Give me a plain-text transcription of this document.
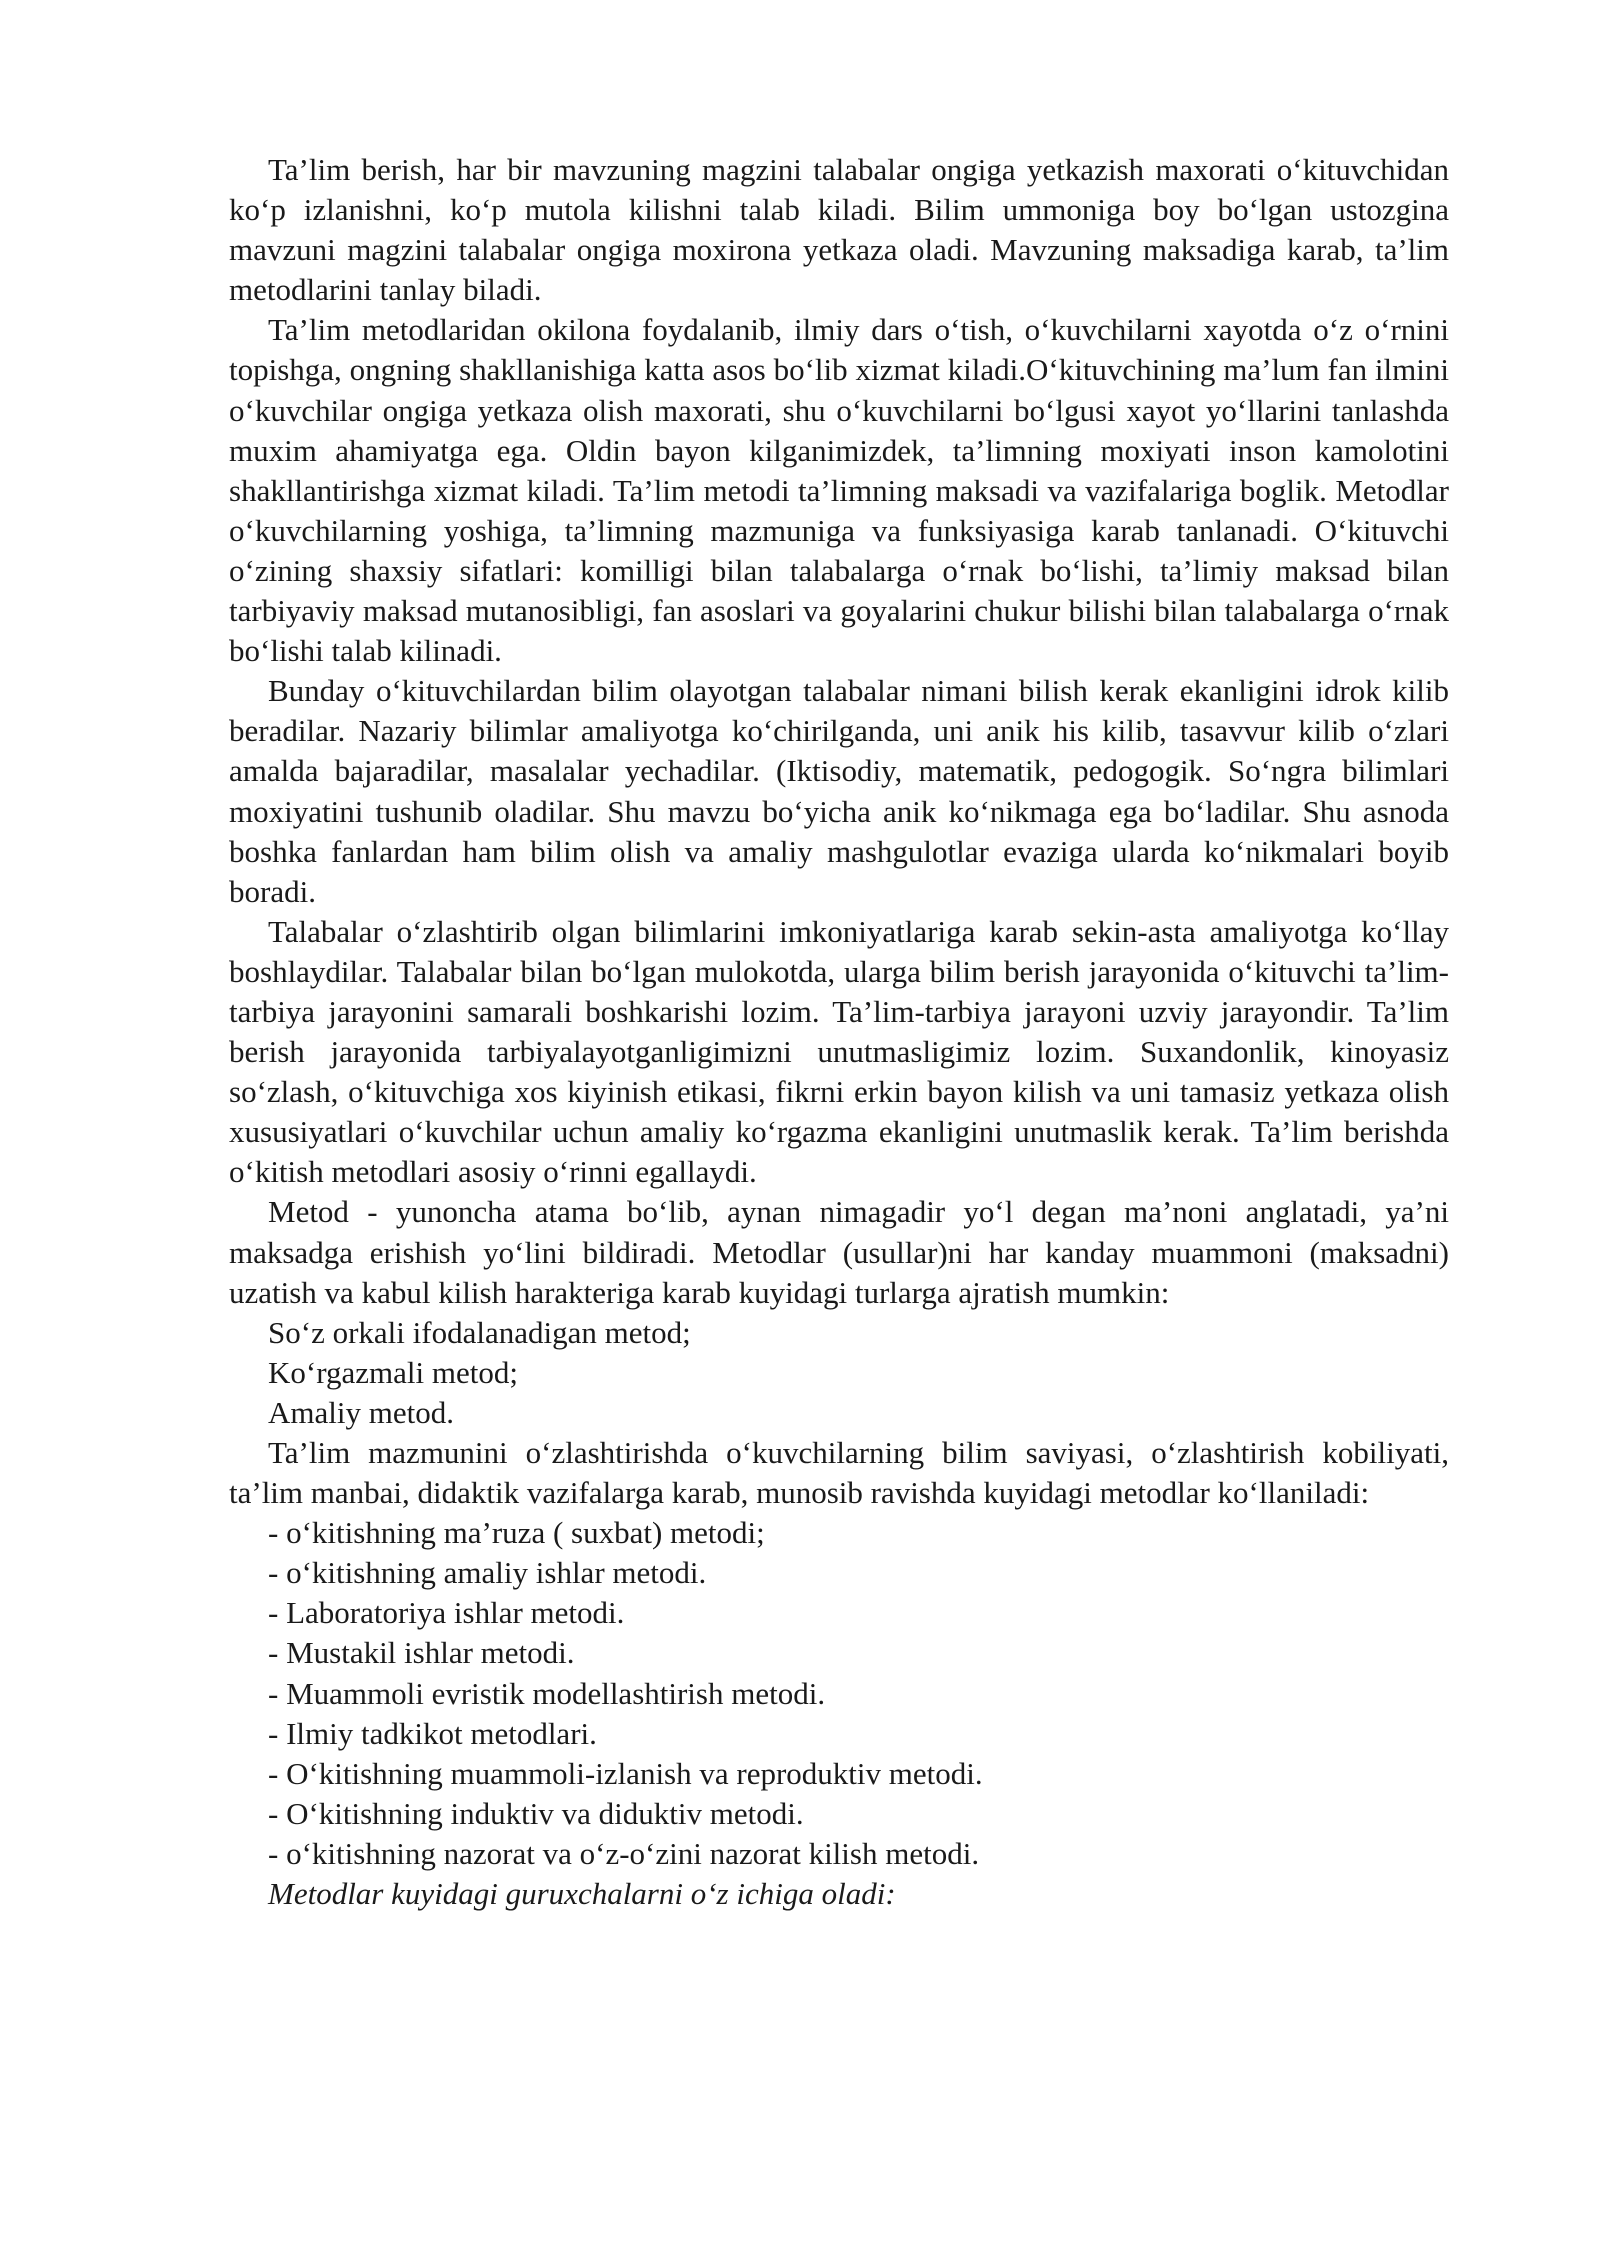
Ta’lim berish, har bir mavzuning magzini talabalar ongiga yetkazish maxorati o‘kituvchidan ko‘p izlanishni, ko‘p mutola kilishni talab kiladi. Bilim ummoniga boy bo‘lgan ustozgina mavzuni magzini talabalar ongiga moxirona yetkaza oladi. Mavzuning maksadiga karab, ta’lim metodlarini tanlay biladi.

Ta’lim metodlaridan okilona foydalanib, ilmiy dars o‘tish, o‘kuvchilarni xayotda o‘z o‘rnini topishga, ongning shakllanishiga katta asos bo‘lib xizmat kiladi.O‘kituvchining ma’lum fan ilmini o‘kuvchilar ongiga yetkaza olish maxorati, shu o‘kuvchilarni bo‘lgusi xayot yo‘llarini tanlashda muxim ahamiyatga ega. Oldin bayon kilganimizdek, ta’limning moxiyati inson kamolotini shakllantirishga xizmat kiladi. Ta’lim metodi ta’limning maksadi va vazifalariga boglik. Metodlar o‘kuvchilarning yoshiga, ta’limning mazmuniga va funksiyasiga karab tanlanadi. O‘kituvchi o‘zining shaxsiy sifatlari: komilligi bilan talabalarga o‘rnak bo‘lishi, ta’limiy maksad bilan tarbiyaviy maksad mutanosibligi, fan asoslari va goyalarini chukur bilishi bilan talabalarga o‘rnak bo‘lishi talab kilinadi.

Bunday o‘kituvchilardan bilim olayotgan talabalar nimani bilish kerak ekanligini idrok kilib beradilar. Nazariy bilimlar amaliyotga ko‘chirilganda, uni anik his kilib, tasavvur kilib o‘zlari amalda bajaradilar, masalalar yechadilar. (Iktisodiy, matematik, pedogogik. So‘ngra bilimlari moxiyatini tushunib oladilar. Shu mavzu bo‘yicha anik ko‘nikmaga ega bo‘ladilar. Shu asnoda boshka fanlardan ham bilim olish va amaliy mashgulotlar evaziga ularda ko‘nikmalari boyib boradi.

Talabalar o‘zlashtirib olgan bilimlarini imkoniyatlariga karab sekin-asta amaliyotga ko‘llay boshlaydilar. Talabalar bilan bo‘lgan mulokotda, ularga bilim berish jarayonida o‘kituvchi ta’lim-tarbiya jarayonini samarali boshkarishi lozim. Ta’lim-tarbiya jarayoni uzviy jarayondir. Ta’lim berish jarayonida tarbiyalayotganligimizni unutmasligimiz lozim. Suxandonlik, kinoyasiz so‘zlash, o‘kituvchiga xos kiyinish etikasi, fikrni erkin bayon kilish va uni tamasiz yetkaza olish xususiyatlari o‘kuvchilar uchun amaliy ko‘rgazma ekanligini unutmaslik kerak. Ta’lim berishda o‘kitish metodlari asosiy o‘rinni egallaydi.

Metod - yunoncha atama bo‘lib, aynan nimagadir yo‘l degan ma’noni anglatadi, ya’ni maksadga erishish yo‘lini bildiradi. Metodlar (usullar)ni har kanday muammoni (maksadni) uzatish va kabul kilish harakteriga karab kuyidagi turlarga ajratish mumkin:

So‘z orkali ifodalanadigan metod;

Ko‘rgazmali metod;

Amaliy metod.

Ta’lim mazmunini o‘zlashtirishda o‘kuvchilarning bilim saviyasi, o‘zlashtirish kobiliyati, ta’lim manbai, didaktik vazifalarga karab, munosib ravishda kuyidagi metodlar ko‘llaniladi:

- o‘kitishning ma’ruza ( suxbat) metodi;

- o‘kitishning amaliy ishlar metodi.

- Laboratoriya ishlar metodi.

- Mustakil ishlar metodi.

- Muammoli evristik modellashtirish metodi.

- Ilmiy tadkikot metodlari.

- O‘kitishning muammoli-izlanish va reproduktiv metodi.

- O‘kitishning induktiv va diduktiv metodi.

- o‘kitishning nazorat va o‘z-o‘zini nazorat kilish metodi.

Metodlar kuyidagi guruxchalarni o‘z ichiga oladi:
